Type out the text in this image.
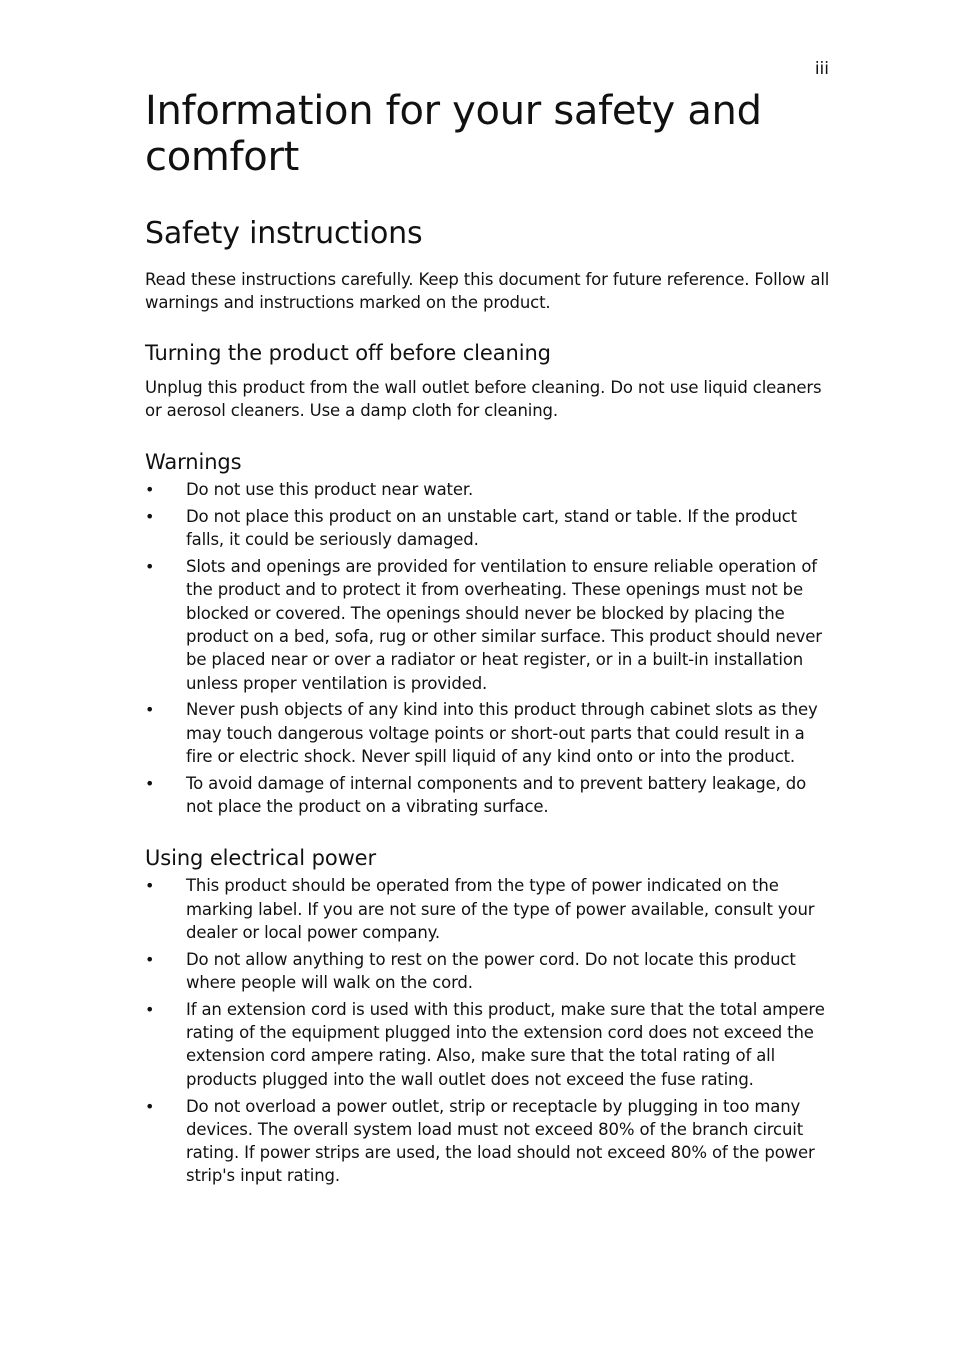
iii
Information for your safety and comfort
Safety instructions

Read these instructions carefully. Keep this document for future reference. Follow all warnings and instructions marked on the product.

Turning the product off before cleaning

Unplug this product from the wall outlet before cleaning. Do not use liquid cleaners or aerosol cleaners. Use a damp cloth for cleaning.

Warnings
• Do not use this product near water.
• Do not place this product on an unstable cart, stand or table. If the product falls, it could be seriously damaged.
• Slots and openings are provided for ventilation to ensure reliable operation of the product and to protect it from overheating. These openings must not be blocked or covered. The openings should never be blocked by placing the product on a bed, sofa, rug or other similar surface. This product should never be placed near or over a radiator or heat register, or in a built-in installation unless proper ventilation is provided.
• Never push objects of any kind into this product through cabinet slots as they may touch dangerous voltage points or short-out parts that could result in a fire or electric shock. Never spill liquid of any kind onto or into the product.
• To avoid damage of internal components and to prevent battery leakage, do not place the product on a vibrating surface.
Using electrical power
• This product should be operated from the type of power indicated on the marking label. If you are not sure of the type of power available, consult your dealer or local power company.
• Do not allow anything to rest on the power cord. Do not locate this product where people will walk on the cord.
• If an extension cord is used with this product, make sure that the total ampere rating of the equipment plugged into the extension cord does not exceed the extension cord ampere rating. Also, make sure that the total rating of all products plugged into the wall outlet does not exceed the fuse rating.
• Do not overload a power outlet, strip or receptacle by plugging in too many devices. The overall system load must not exceed 80% of the branch circuit rating. If power strips are used, the load should not exceed 80% of the power strip's input rating.
